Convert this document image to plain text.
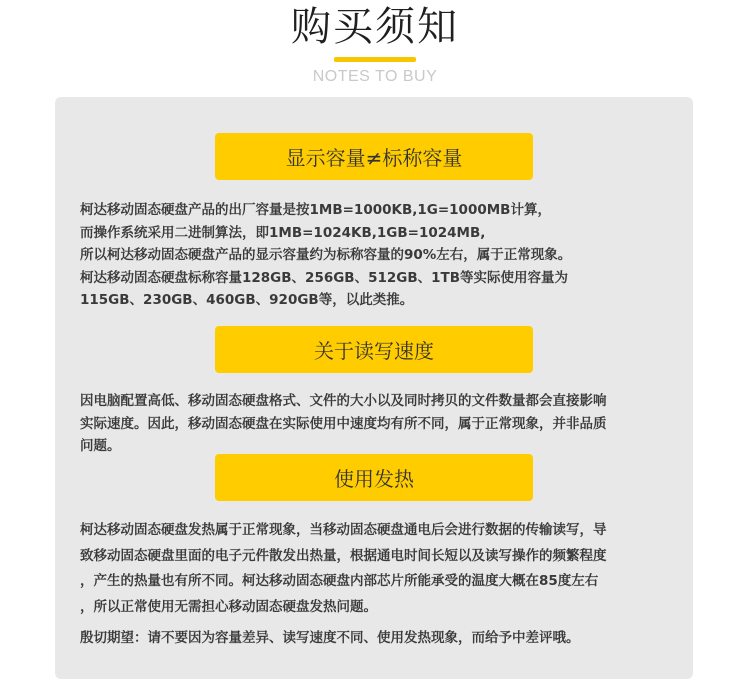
购买须知
NOTES TO BUY
显示容量≠标称容量
柯达移动固态硬盘产品的出厂容量是按1MB=1000KB,1G=1000MB计算，
而操作系统采用二进制算法，即1MB=1024KB,1GB=1024MB,
所以柯达移动固态硬盘产品的显示容量约为标称容量的90%左右，属于正常现象。
柯达移动固态硬盘标称容量128GB、256GB、512GB、1TB等实际使用容量为
115GB、230GB、460GB、920GB等，以此类推。
关于读写速度
因电脑配置高低、移动固态硬盘格式、文件的大小以及同时拷贝的文件数量都会直接影响
实际速度。因此，移动固态硬盘在实际使用中速度均有所不同，属于正常现象，并非品质
问题。
使用发热
柯达移动固态硬盘发热属于正常现象，当移动固态硬盘通电后会进行数据的传输读写，导
致移动固态硬盘里面的电子元件散发出热量，根据通电时间长短以及读写操作的频繁程度
，产生的热量也有所不同。柯达移动固态硬盘内部芯片所能承受的温度大概在85度左右
，所以正常使用无需担心移动固态硬盘发热问题。
殷切期望：请不要因为容量差异、读写速度不同、使用发热现象，而给予中差评哦。
